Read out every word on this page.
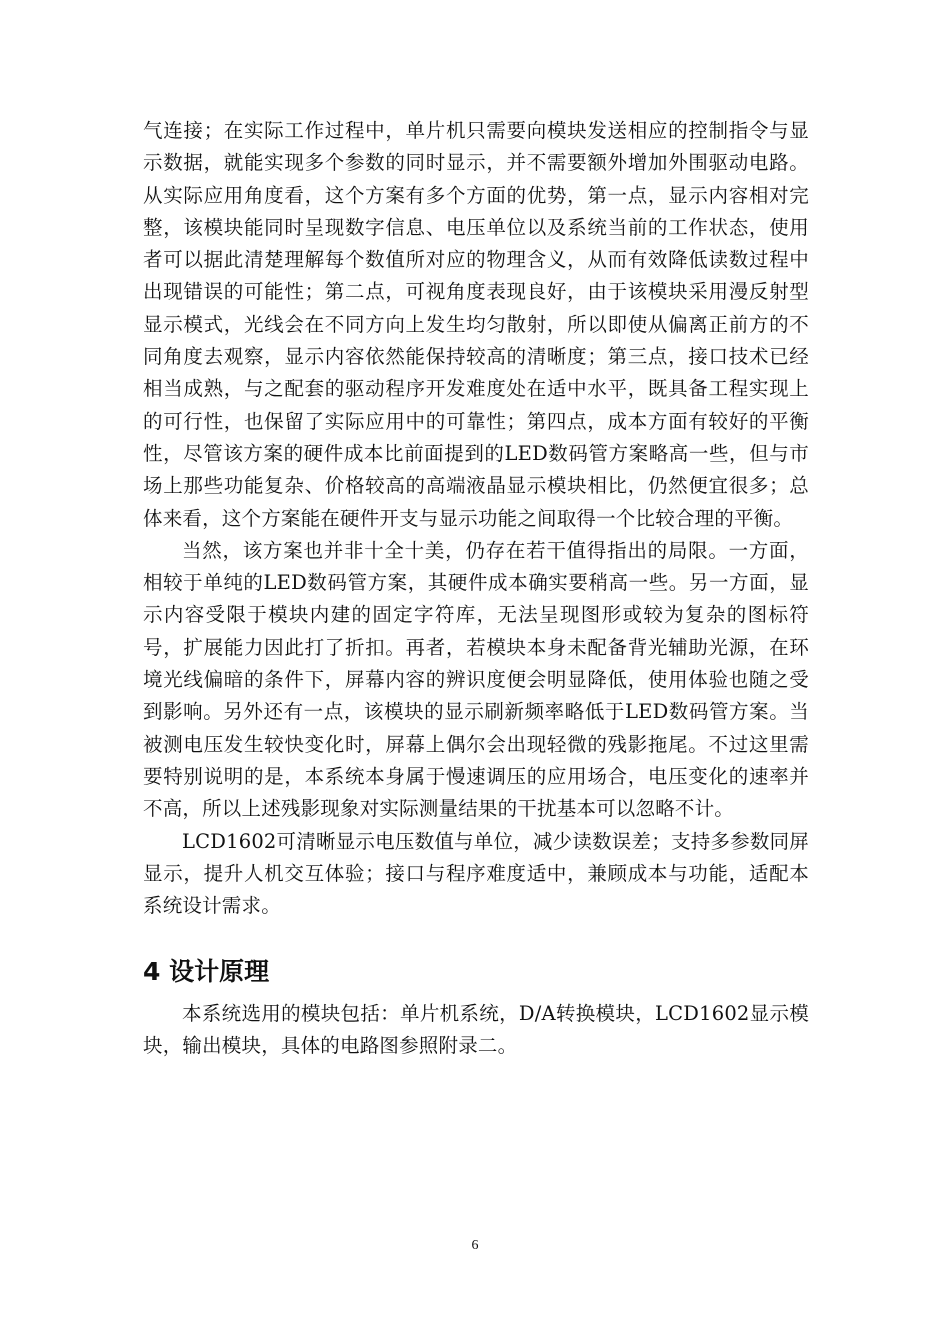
气连接；在实际工作过程中，单片机只需要向模块发送相应的控制指令与显示数据，就能实现多个参数的同时显示，并不需要额外增加外围驱动电路。从实际应用角度看，这个方案有多个方面的优势，第一点，显示内容相对完整，该模块能同时呈现数字信息、电压单位以及系统当前的工作状态，使用者可以据此清楚理解每个数值所对应的物理含义，从而有效降低读数过程中出现错误的可能性；第二点，可视角度表现良好，由于该模块采用漫反射型显示模式，光线会在不同方向上发生均匀散射，所以即使从偏离正前方的不同角度去观察，显示内容依然能保持较高的清晰度；第三点，接口技术已经相当成熟，与之配套的驱动程序开发难度处在适中水平，既具备工程实现上的可行性，也保留了实际应用中的可靠性；第四点，成本方面有较好的平衡性，尽管该方案的硬件成本比前面提到的LED数码管方案略高一些，但与市场上那些功能复杂、价格较高的高端液晶显示模块相比，仍然便宜很多；总体来看，这个方案能在硬件开支与显示功能之间取得一个比较合理的平衡。

当然，该方案也并非十全十美，仍存在若干值得指出的局限。一方面，相较于单纯的LED数码管方案，其硬件成本确实要稍高一些。另一方面，显示内容受限于模块内建的固定字符库，无法呈现图形或较为复杂的图标符号，扩展能力因此打了折扣。再者，若模块本身未配备背光辅助光源，在环境光线偏暗的条件下，屏幕内容的辨识度便会明显降低，使用体验也随之受到影响。另外还有一点，该模块的显示刷新频率略低于LED数码管方案。当被测电压发生较快变化时，屏幕上偶尔会出现轻微的残影拖尾。不过这里需要特别说明的是，本系统本身属于慢速调压的应用场合，电压变化的速率并不高，所以上述残影现象对实际测量结果的干扰基本可以忽略不计。

LCD1602可清晰显示电压数值与单位，减少读数误差；支持多参数同屏显示，提升人机交互体验；接口与程序难度适中，兼顾成本与功能，适配本系统设计需求。

4 设计原理

本系统选用的模块包括：单片机系统，D/A转换模块，LCD1602显示模块，输出模块，具体的电路图参照附录二。

6
